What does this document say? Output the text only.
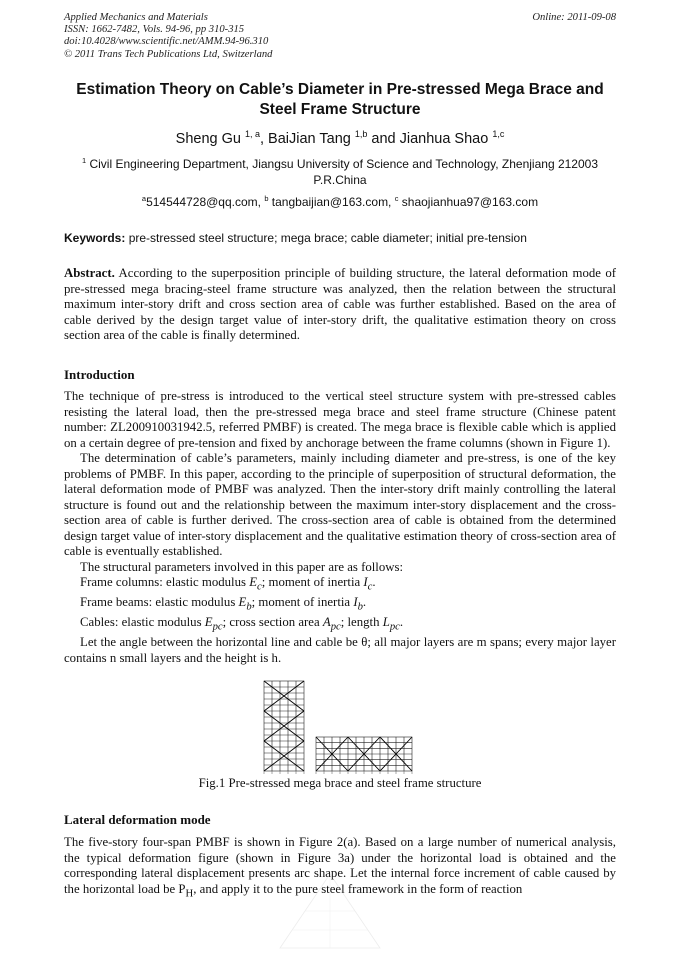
Applied Mechanics and Materials
ISSN: 1662-7482, Vols. 94-96, pp 310-315
doi:10.4028/www.scientific.net/AMM.94-96.310
© 2011 Trans Tech Publications Ltd, Switzerland
Online: 2011-09-08
Estimation Theory on Cable’s Diameter in Pre-stressed Mega Brace and
Steel Frame Structure
Sheng Gu $^{1, a}$, BaiJian Tang $^{1,b}$ and Jianhua Shao $^{1,c}$
$^1$ Civil Engineering Department, Jiangsu University of Science and Technology, Zhenjiang 212003
P.R.China
$^a$514544728@qq.com, $^b$ tangbaijian@163.com, $^c$ shaojianhua97@163.com
Keywords: pre-stressed steel structure; mega brace; cable diameter; initial pre-tension
Abstract. According to the superposition principle of building structure, the lateral deformation mode of pre-stressed mega bracing-steel frame structure was analyzed, then the relation between the structural maximum inter-story drift and cross section area of cable was further established. Based on the area of cable derived by the design target value of inter-story drift, the qualitative estimation theory on cross section area of the cable is finally determined.
Introduction

The technique of pre-stress is introduced to the vertical steel structure system with pre-stressed cables resisting the lateral load, then the pre-stressed mega brace and steel frame structure (Chinese patent number: ZL200910031942.5, referred PMBF) is created. The mega brace is flexible cable which is applied on a certain degree of pre-tension and fixed by anchorage between the frame columns (shown in Figure 1).

The determination of cable’s parameters, mainly including diameter and pre-stress, is one of the key problems of PMBF. In this paper, according to the principle of superposition of structural deformation, the lateral deformation mode of PMBF was analyzed. Then the inter-story drift mainly controlling the lateral structure is found out and the relationship between the maximum inter-story displacement and the cross-section area of cable is further derived. The cross-section area of cable is obtained from the determined design target value of inter-story displacement and the qualitative estimation theory of cross-section area of cable is eventually established.

The structural parameters involved in this paper are as follows:

Frame columns: elastic modulus $E_c$; moment of inertia $I_c$.

Frame beams: elastic modulus $E_b$; moment of inertia $I_b$.

Cables: elastic modulus $E_{pc}$; cross section area $A_{pc}$; length $L_{pc}$.

Let the angle between the horizontal line and cable be θ; all major layers are m spans; every major layer contains n small layers and the height is h.

Fig.1 Pre-stressed mega brace and steel frame structure
Lateral deformation mode

The five-story four-span PMBF is shown in Figure 2(a). Based on a large number of numerical analysis, the typical deformation figure (shown in Figure 3a) under the horizontal load is obtained and the corresponding lateral displacement presents arc shape. Let the internal force increment of cable caused by the horizontal load be $P_H$, and apply it to the pure steel framework in the form of reaction
